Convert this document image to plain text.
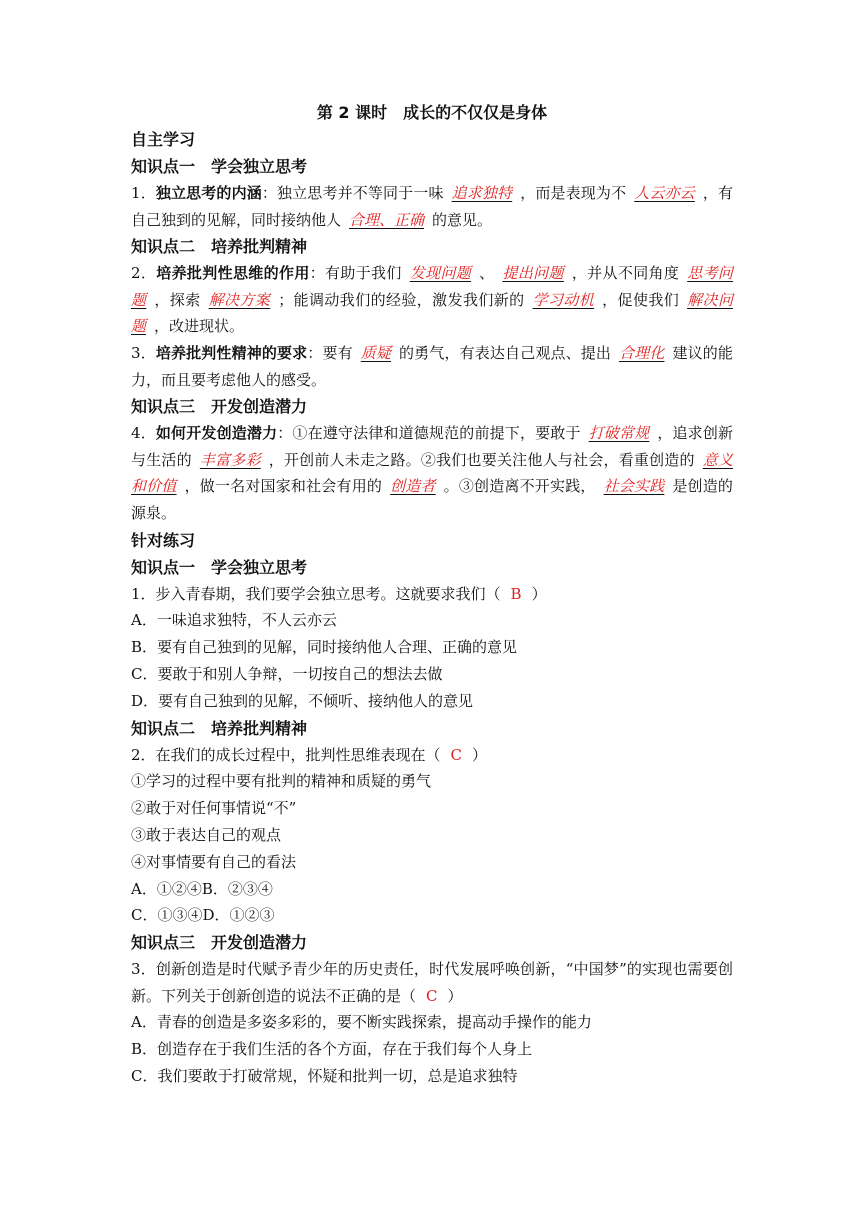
第 2 课时　成长的不仅仅是身体
自主学习
知识点一　学会独立思考
1．独立思考的内涵：独立思考并不等同于一味 追求独特 ，而是表现为不 人云亦云 ，有自己独到的见解，同时接纳他人 合理、正确 的意见。
知识点二　培养批判精神
2．培养批判性思维的作用：有助于我们 发现问题 、 提出问题 ，并从不同角度 思考问题 ，探索 解决方案 ；能调动我们的经验，激发我们新的 学习动机 ，促使我们 解决问题 ，改进现状。
3．培养批判性精神的要求：要有 质疑 的勇气，有表达自己观点、提出 合理化 建议的能力，而且要考虑他人的感受。
知识点三　开发创造潜力
4．如何开发创造潜力：①在遵守法律和道德规范的前提下，要敢于 打破常规 ，追求创新与生活的 丰富多彩 ，开创前人未走之路。②我们也要关注他人与社会，看重创造的 意义和价值 ，做一名对国家和社会有用的 创造者 。③创造离不开实践， 社会实践 是创造的源泉。
针对练习
知识点一　学会独立思考
1．步入青春期，我们要学会独立思考。这就要求我们（ B ）
A．一味追求独特，不人云亦云
B．要有自己独到的见解，同时接纳他人合理、正确的意见
C．要敢于和别人争辩，一切按自己的想法去做
D．要有自己独到的见解，不倾听、接纳他人的意见
知识点二　培养批判精神
2．在我们的成长过程中，批判性思维表现在（ C ）
①学习的过程中要有批判的精神和质疑的勇气
②敢于对任何事情说“不”
③敢于表达自己的观点
④对事情要有自己的看法
A．①②④B．②③④
C．①③④D．①②③
知识点三　开发创造潜力
3．创新创造是时代赋予青少年的历史责任，时代发展呼唤创新，“中国梦”的实现也需要创新。下列关于创新创造的说法不正确的是（ C ）
A．青春的创造是多姿多彩的，要不断实践探索，提高动手操作的能力
B．创造存在于我们生活的各个方面，存在于我们每个人身上
C．我们要敢于打破常规，怀疑和批判一切，总是追求独特
